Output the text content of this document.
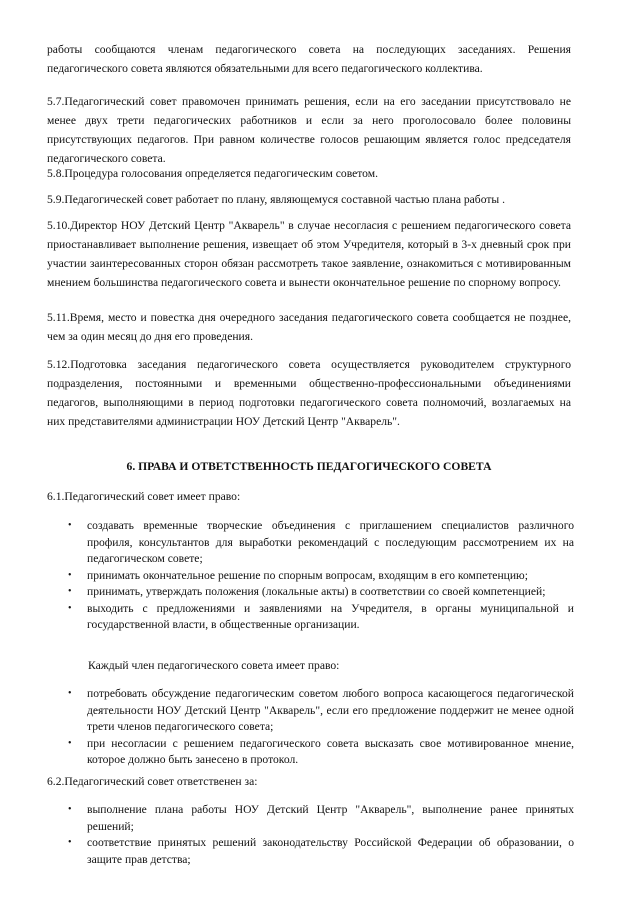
работы сообщаются членам педагогического совета на последующих заседаниях. Решения педагогического совета являются обязательными для всего педагогического коллектива.

5.7.Педагогический совет правомочен принимать решения, если на его заседании присутствовало не менее двух трети педагогических работников и если за него проголосовало более половины присутствующих педагогов. При равном количестве голосов решающим является голос председателя педагогического совета.

5.8.Процедура голосования определяется педагогическим советом.

5.9.Педагогическей совет работает по плану, являющемуся составной частью плана работы .

5.10.Директор НОУ Детский Центр "Акварель" в случае несогласия с решением педагогического совета приостанавливает выполнение решения, извещает об этом Учредителя, который в 3-х дневный срок при участии заинтересованных сторон обязан рассмотреть такое заявление, ознакомиться с мотивированным мнением большинства педагогического совета и вынести окончательное решение по спорному вопросу.

5.11.Время, место и повестка дня очередного заседания педагогического совета сообщается не позднее, чем за один месяц до дня его проведения.

5.12.Подготовка заседания педагогического совета осуществляется руководителем структурного подразделения, постоянными и временными общественно-профессиональными объединениями педагогов, выполняющими в период подготовки педагогического совета полномочий, возлагаемых на них представителями администрации НОУ Детский Центр "Акварель".

6. ПРАВА И ОТВЕТСТВЕННОСТЬ ПЕДАГОГИЧЕСКОГО СОВЕТА

6.1.Педагогический совет имеет право:

• создавать временные творческие объединения с приглашением специалистов различного профиля, консультантов для выработки рекомендаций с последующим рассмотрением их на педагогическом совете;
• принимать окончательное решение по спорным вопросам, входящим в его компетенцию;
• принимать, утверждать положения (локальные акты) в соответствии со своей компетенцией;
• выходить с предложениями и заявлениями на Учредителя, в органы муниципальной и государственной власти, в общественные организации.

Каждый член педагогического совета имеет право:

• потребовать обсуждение педагогическим советом любого вопроса касающегося педагогической деятельности НОУ Детский Центр "Акварель", если его предложение поддержит не менее одной трети членов педагогического совета;
• при несогласии с решением педагогического совета высказать свое мотивированное мнение, которое должно быть занесено в протокол.

6.2.Педагогический совет ответственен за:

• выполнение плана работы НОУ Детский Центр "Акварель", выполнение ранее принятых решений;
• соответствие принятых решений законодательству Российской Федерации об образовании, о защите прав детства;
